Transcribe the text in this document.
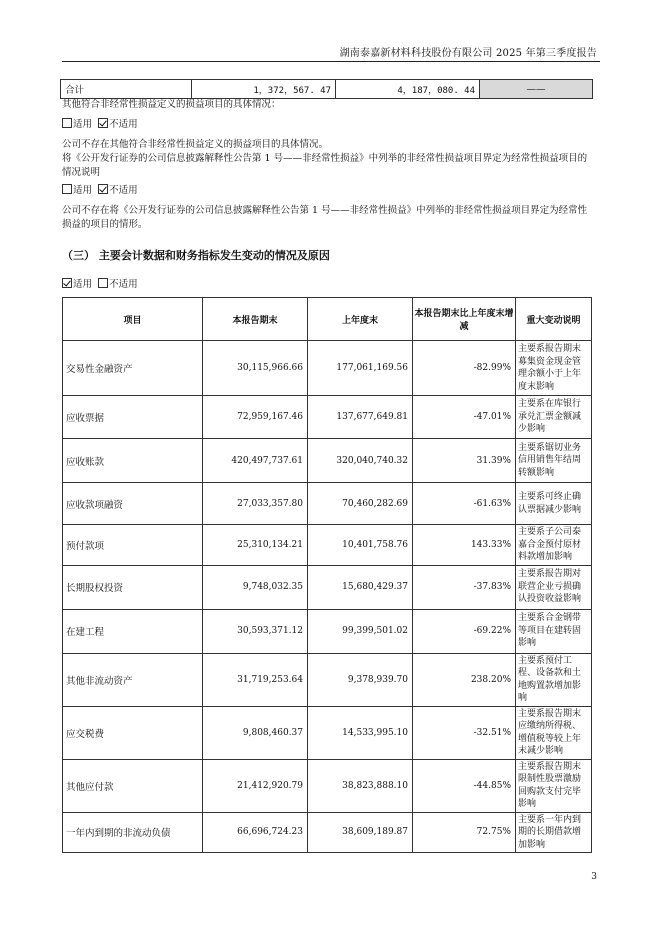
湖南泰嘉新材料科技股份有限公司 2025 年第三季度报告
合计	1，372，567. 47	4，187，080. 44	——
其他符合非经常性损益定义的损益项目的具体情况：
适用 不适用
公司不存在其他符合非经常性损益定义的损益项目的具体情况。
将《公开发行证券的公司信息披露解释性公告第 1 号——非经常性损益》中列举的非经常性损益项目界定为经常性损益项目的情况说明
适用 不适用
公司不存在将《公开发行证券的公司信息披露解释性公告第 1 号——非经常性损益》中列举的非经常性损益项目界定为经常性损益的项目的情形。
（三） 主要会计数据和财务指标发生变动的情况及原因
适用 不适用
项目	本报告期末	上年度末	本报告期末比上年度末增减	重大变动说明
交易性金融资产	30,115,966.66	177,061,169.56	-82.99%	主要系报告期末募集资金现金管理余额小于上年度末影响
应收票据	72,959,167.46	137,677,649.81	-47.01%	主要系在库银行承兑汇票金额减少影响
应收账款	420,497,737.61	320,040,740.32	31.39%	主要系锯切业务信用销售年结周转额影响
应收款项融资	27,033,357.80	70,460,282.69	-61.63%	主要系可终止确认票据减少影响
预付款项	25,310,134.21	10,401,758.76	143.33%	主要系子公司泰嘉合金预付原材料款增加影响
长期股权投资	9,748,032.35	15,680,429.37	-37.83%	主要系报告期对联营企业亏损确认投资收益影响
在建工程	30,593,371.12	99,399,501.02	-69.22%	主要系合金钢带等项目在建转固影响
其他非流动资产	31,719,253.64	9,378,939.70	238.20%	主要系预付工程、设备款和土地购置款增加影响
应交税费	9,808,460.37	14,533,995.10	-32.51%	主要系报告期末应缴纳所得税、增值税等较上年末减少影响
其他应付款	21,412,920.79	38,823,888.10	-44.85%	主要系报告期末限制性股票激励回购款支付完毕影响
一年内到期的非流动负债	66,696,724.23	38,609,189.87	72.75%	主要系一年内到期的长期借款增加影响
3
